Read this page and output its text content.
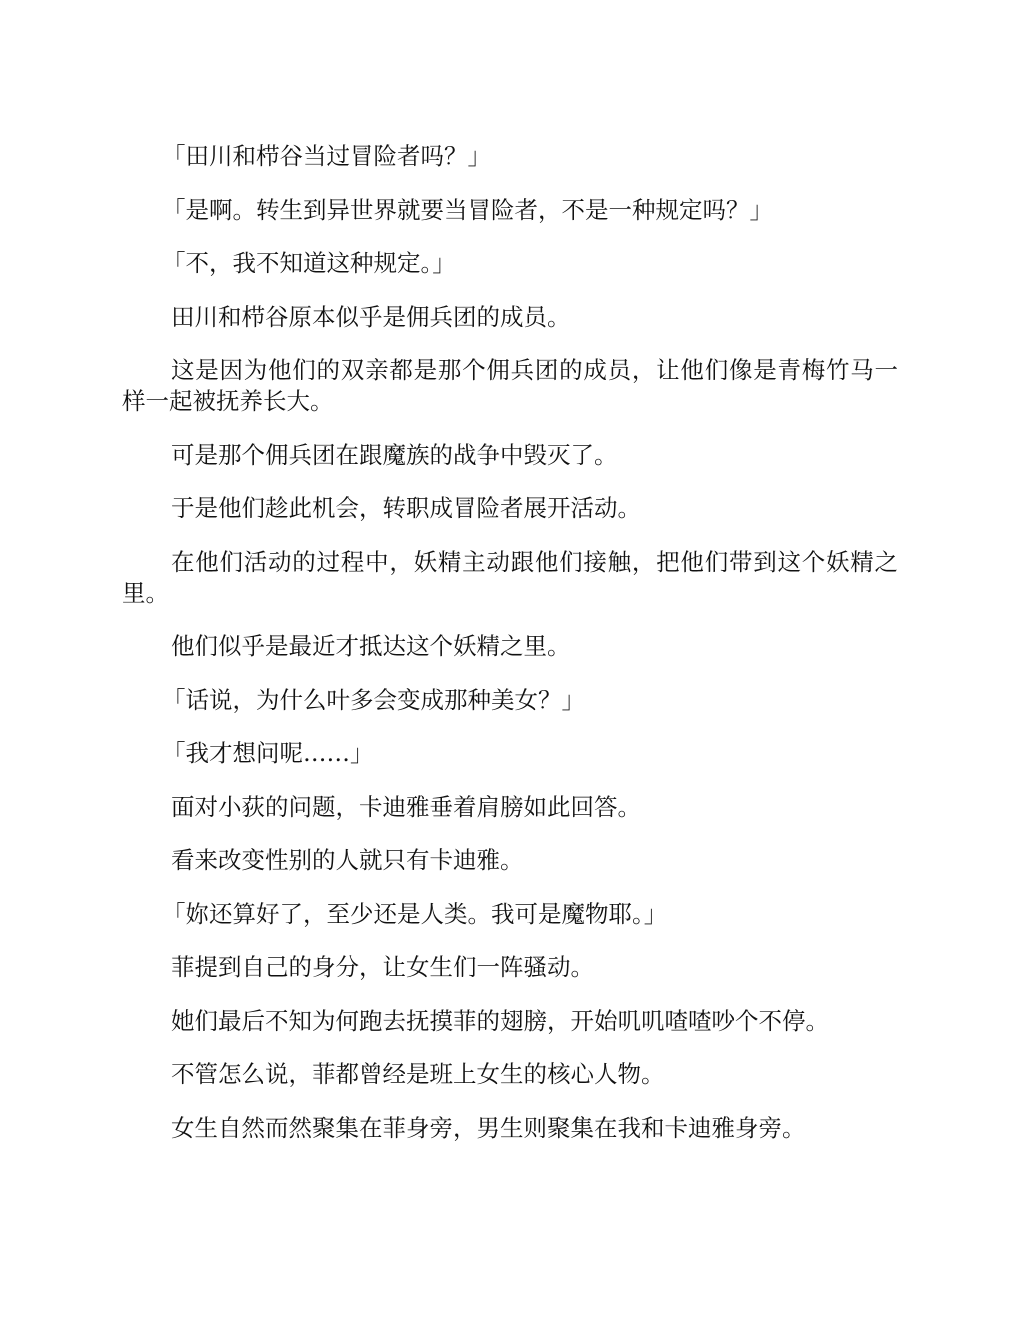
「田川和栉谷当过冒险者吗？」

「是啊。转生到异世界就要当冒险者，不是一种规定吗？」

「不，我不知道这种规定。」

田川和栉谷原本似乎是佣兵团的成员。

这是因为他们的双亲都是那个佣兵团的成员，让他们像是青梅竹马一样一起被抚养长大。

可是那个佣兵团在跟魔族的战争中毁灭了。

于是他们趁此机会，转职成冒险者展开活动。

在他们活动的过程中，妖精主动跟他们接触，把他们带到这个妖精之里。

他们似乎是最近才抵达这个妖精之里。

「话说，为什么叶多会变成那种美女？」

「我才想问呢……」

面对小荻的问题，卡迪雅垂着肩膀如此回答。

看来改变性别的人就只有卡迪雅。

「妳还算好了，至少还是人类。我可是魔物耶。」

菲提到自己的身分，让女生们一阵骚动。

她们最后不知为何跑去抚摸菲的翅膀，开始叽叽喳喳吵个不停。

不管怎么说，菲都曾经是班上女生的核心人物。

女生自然而然聚集在菲身旁，男生则聚集在我和卡迪雅身旁。
